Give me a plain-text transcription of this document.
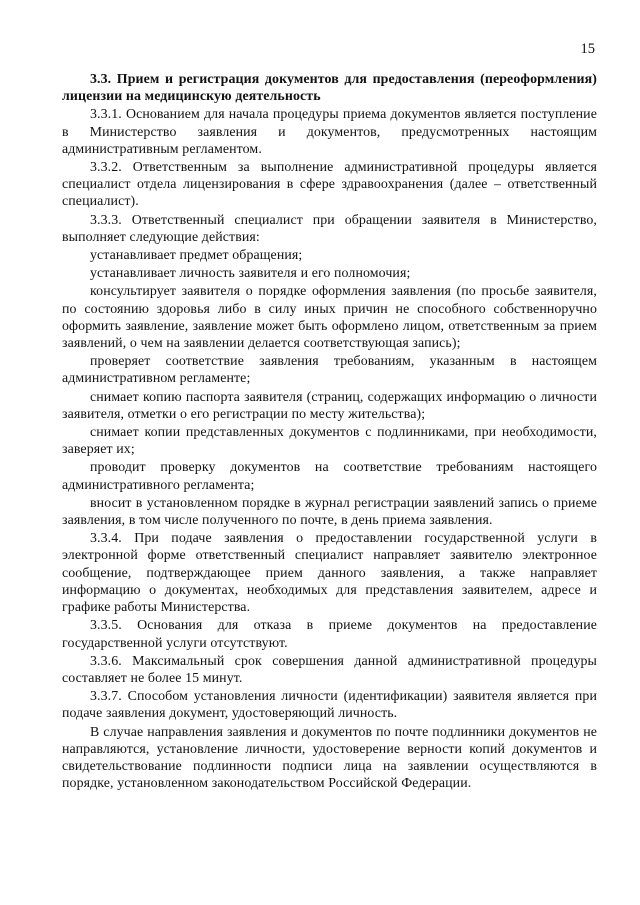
15

3.3. Прием и регистрация документов для предоставления (переоформления) лицензии на медицинскую деятельность

3.3.1. Основанием для начала процедуры приема документов является поступление в Министерство заявления и документов, предусмотренных настоящим административным регламентом.

3.3.2. Ответственным за выполнение административной процедуры является специалист отдела лицензирования в сфере здравоохранения (далее – ответственный специалист).

3.3.3. Ответственный специалист при обращении заявителя в Министерство, выполняет следующие действия:

устанавливает предмет обращения;

устанавливает личность заявителя и его полномочия;

консультирует заявителя о порядке оформления заявления (по просьбе заявителя, по состоянию здоровья либо в силу иных причин не способного собственноручно оформить заявление, заявление может быть оформлено лицом, ответственным за прием заявлений, о чем на заявлении делается соответствующая запись);

проверяет соответствие заявления требованиям, указанным в настоящем административном регламенте;

снимает копию паспорта заявителя (страниц, содержащих информацию о личности заявителя, отметки о его регистрации по месту жительства);

снимает копии представленных документов с подлинниками, при необходимости, заверяет их;

проводит проверку документов на соответствие требованиям настоящего административного регламента;

вносит в установленном порядке в журнал регистрации заявлений запись о приеме заявления, в том числе полученного по почте, в день приема заявления.

3.3.4. При подаче заявления о предоставлении государственной услуги в электронной форме ответственный специалист направляет заявителю электронное сообщение, подтверждающее прием данного заявления, а также направляет информацию о документах, необходимых для представления заявителем, адресе и графике работы Министерства.

3.3.5. Основания для отказа в приеме документов на предоставление государственной услуги отсутствуют.

3.3.6. Максимальный срок совершения данной административной процедуры составляет не более 15 минут.

3.3.7. Способом установления личности (идентификации) заявителя является при подаче заявления документ, удостоверяющий личность.

В случае направления заявления и документов по почте подлинники документов не направляются, установление личности, удостоверение верности копий документов и свидетельствование подлинности подписи лица на заявлении осуществляются в порядке, установленном законодательством Российской Федерации.
